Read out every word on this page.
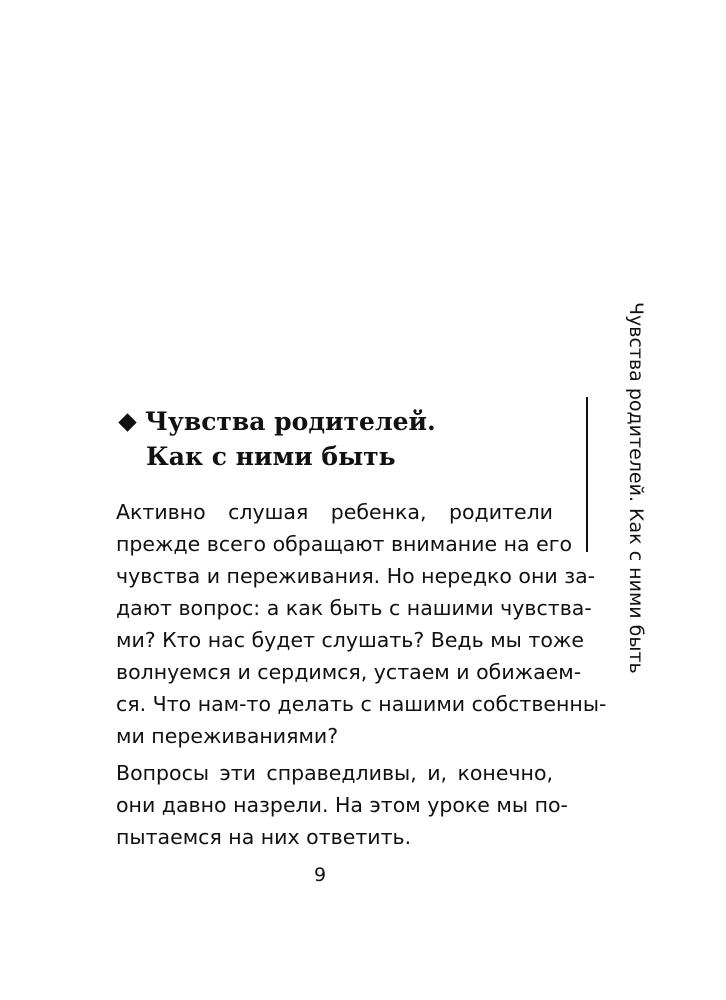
Чувства родителей.
Как с ними быть

Активно слушая ребенка, родители
прежде всего обращают внимание на его
чувства и переживания. Но нередко они за-
дают вопрос: а как быть с нашими чувства-
ми? Кто нас будет слушать? Ведь мы тоже
волнуемся и сердимся, устаем и обижаем-
ся. Что нам-то делать с нашими собственны-
ми переживаниями?

Вопросы эти справедливы, и, конечно,
они давно назрели. На этом уроке мы по-
пытаемся на них ответить.

9
Чувства родителей. Как с ними быть
